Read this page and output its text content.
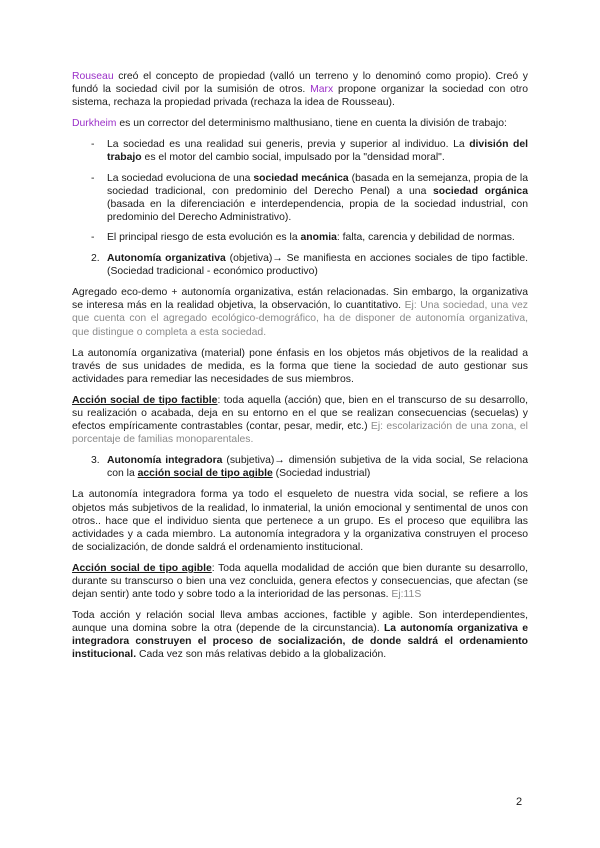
Rouseau creó el concepto de propiedad (valló un terreno y lo denominó como propio). Creó y fundó la sociedad civil por la sumisión de otros. Marx propone organizar la sociedad con otro sistema, rechaza la propiedad privada (rechaza la idea de Rousseau).

Durkheim es un corrector del determinismo malthusiano, tiene en cuenta la división de trabajo:

- La sociedad es una realidad sui generis, previa y superior al individuo. La división del trabajo es el motor del cambio social, impulsado por la "densidad moral".
- La sociedad evoluciona de una sociedad mecánica (basada en la semejanza, propia de la sociedad tradicional, con predominio del Derecho Penal) a una sociedad orgánica (basada en la diferenciación e interdependencia, propia de la sociedad industrial, con predominio del Derecho Administrativo).
- El principal riesgo de esta evolución es la anomia: falta, carencia y debilidad de normas.
2. Autonomía organizativa (objetiva)→ Se manifiesta en acciones sociales de tipo factible. (Sociedad tradicional - económico productivo)

Agregado eco-demo + autonomía organizativa, están relacionadas. Sin embargo, la organizativa se interesa más en la realidad objetiva, la observación, lo cuantitativo. Ej: Una sociedad, una vez que cuenta con el agregado ecológico-demográfico, ha de disponer de autonomía organizativa, que distingue o completa a esta sociedad.

La autonomía organizativa (material) pone énfasis en los objetos más objetivos de la realidad a través de sus unidades de medida, es la forma que tiene la sociedad de auto gestionar sus actividades para remediar las necesidades de sus miembros.

Acción social de tipo factible: toda aquella (acción) que, bien en el transcurso de su desarrollo, su realización o acabada, deja en su entorno en el que se realizan consecuencias (secuelas) y efectos empíricamente contrastables (contar, pesar, medir, etc.) Ej: escolarización de una zona, el porcentaje de familias monoparentales.

3. Autonomía integradora (subjetiva)→ dimensión subjetiva de la vida social, Se relaciona con la acción social de tipo agible (Sociedad industrial)

La autonomía integradora forma ya todo el esqueleto de nuestra vida social, se refiere a los objetos más subjetivos de la realidad, lo inmaterial, la unión emocional y sentimental de unos con otros.. hace que el individuo sienta que pertenece a un grupo. Es el proceso que equilibra las actividades y a cada miembro. La autonomía integradora y la organizativa construyen el proceso de socialización, de donde saldrá el ordenamiento institucional.

Acción social de tipo agible: Toda aquella modalidad de acción que bien durante su desarrollo, durante su transcurso o bien una vez concluida, genera efectos y consecuencias, que afectan (se dejan sentir) ante todo y sobre todo a la interioridad de las personas. Ej:11S

Toda acción y relación social lleva ambas acciones, factible y agible. Son interdependientes, aunque una domina sobre la otra (depende de la circunstancia). La autonomía organizativa e integradora construyen el proceso de socialización, de donde saldrá el ordenamiento institucional. Cada vez son más relativas debido a la globalización.

2
